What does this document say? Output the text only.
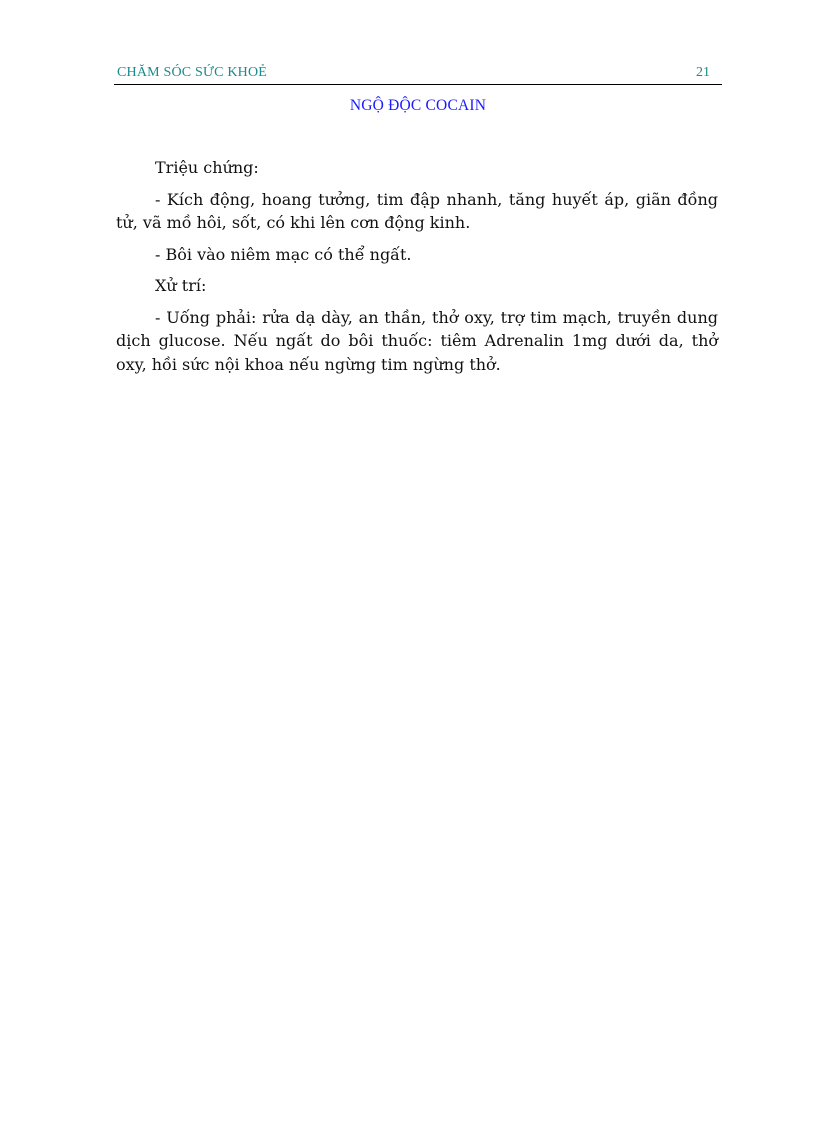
CHĂM SÓC SỨC KHOẺ	21
NGỘ ĐỘC COCAIN

Triệu chứng:

- Kích động, hoang tưởng, tim đập nhanh, tăng huyết áp, giãn đồng tử, vã mồ hôi, sốt, có khi lên cơn động kinh.

- Bôi vào niêm mạc có thể ngất.

Xử trí:

- Uống phải: rửa dạ dày, an thần, thở oxy, trợ tim mạch, truyền dung dịch glucose. Nếu ngất do bôi thuốc: tiêm Adrenalin 1mg dưới da, thở oxy, hồi sức nội khoa nếu ngừng tim ngừng thở.
